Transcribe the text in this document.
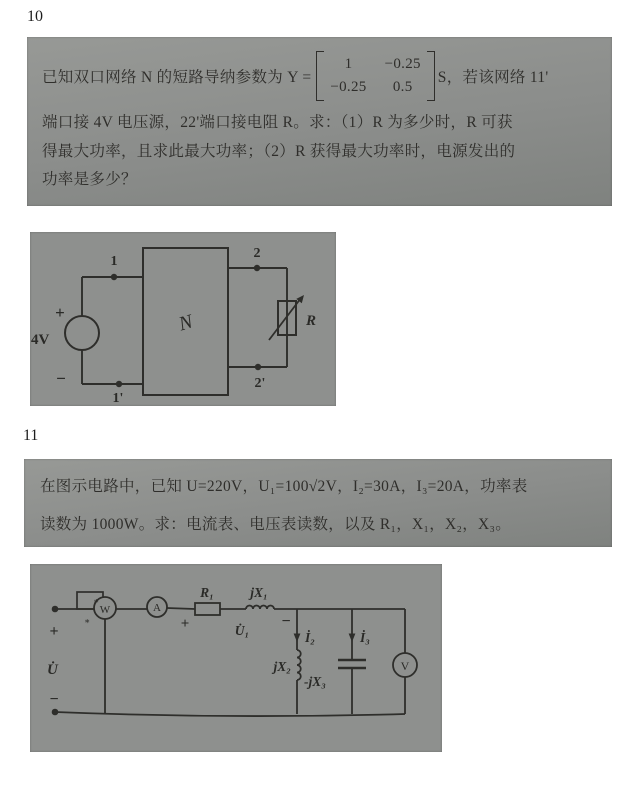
10
已知双口网络 N 的短路导纳参数为 Y =
1 −0.25
−0.25 0.5
S，若该网络 11'
端口接 4V 电压源，22'端口接电阻 R。求：（1）R 为多少时，R 可获
得最大功率，且求此最大功率；（2）R 获得最大功率时，电源发出的
功率是多少？
1
1'
2
2'
N
+
−
4V
R
11
在图示电路中，已知 U=220V，U₁=100√2V，I₂=30A，I₃=20A，功率表
读数为 1000W。求：电流表、电压表读数，以及 R₁，X₁，X₂，X₃。
∗
∗
W	A
V
+
U̇
−
+
R₁	jX₁
U̇₁
−
İ₂
jX₂
İ₃
-jX₃
